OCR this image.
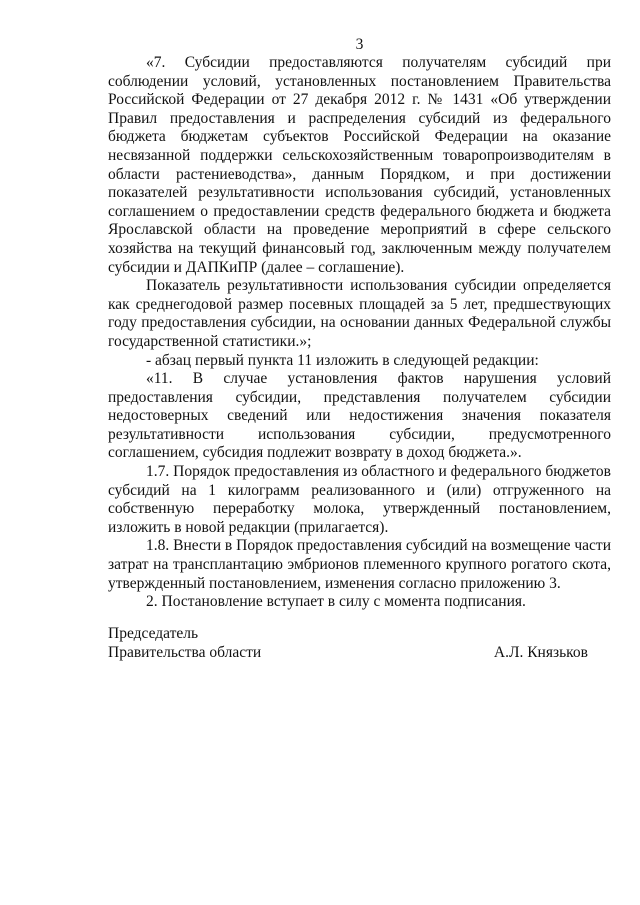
3

«7. Субсидии предоставляются получателям субсидий при соблюдении условий, установленных постановлением Правительства Российской Федерации от 27 декабря 2012 г. № 1431 «Об утверждении Правил предоставления и распределения субсидий из федерального бюджета бюджетам субъектов Российской Федерации на оказание несвязанной поддержки сельскохозяйственным товаропроизводителям в области растениеводства», данным Порядком, и при достижении показателей результативности использования субсидий, установленных соглашением о предоставлении средств федерального бюджета и бюджета Ярославской области на проведение мероприятий в сфере сельского хозяйства на текущий финансовый год, заключенным между получателем субсидии и ДАПКиПР (далее – соглашение).

Показатель результативности использования субсидии определяется как среднегодовой размер посевных площадей за 5 лет, предшествующих году предоставления субсидии, на основании данных Федеральной службы государственной статистики.»;

- абзац первый пункта 11 изложить в следующей редакции:

«11. В случае установления фактов нарушения условий предоставления субсидии, представления получателем субсидии недостоверных сведений или недостижения значения показателя результативности использования субсидии, предусмотренного соглашением, субсидия подлежит возврату в доход бюджета.».

1.7. Порядок предоставления из областного и федерального бюджетов субсидий на 1 килограмм реализованного и (или) отгруженного на собственную переработку молока, утвержденный постановлением, изложить в новой редакции (прилагается).

1.8. Внести в Порядок предоставления субсидий на возмещение части затрат на трансплантацию эмбрионов племенного крупного рогатого скота, утвержденный постановлением, изменения согласно приложению 3.

2. Постановление вступает в силу с момента подписания.

Председатель
Правительства области	А.Л. Князьков
